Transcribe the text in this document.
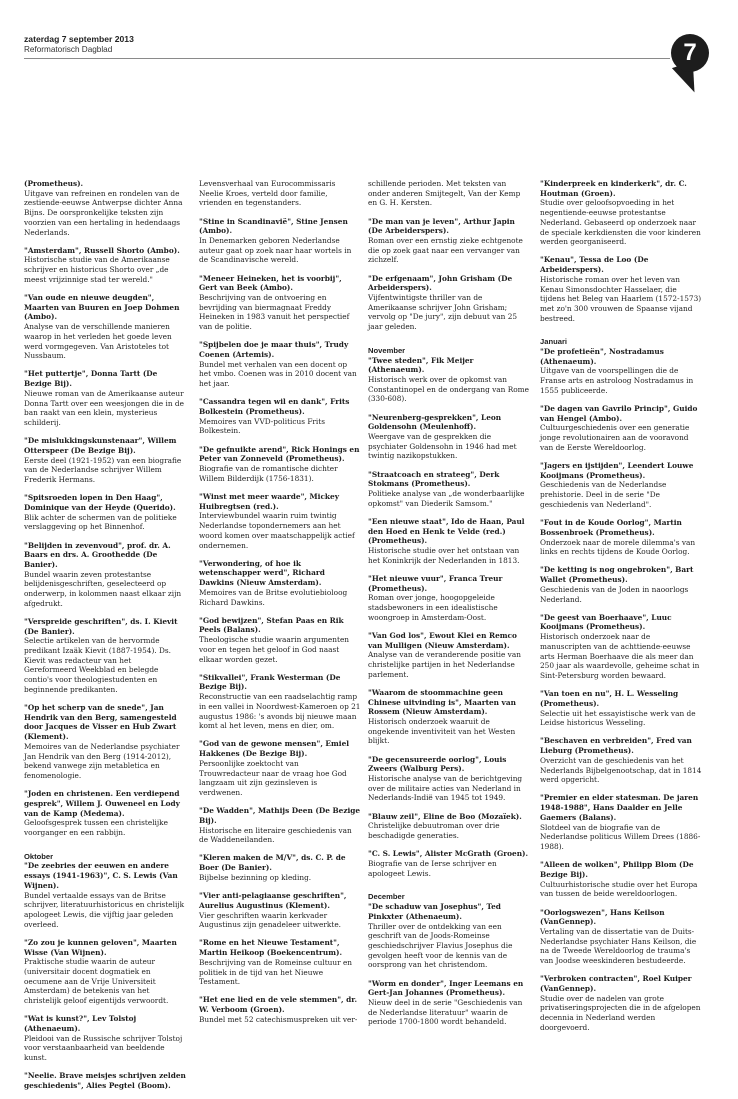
zaterdag 7 september 2013
Reformatorisch Dagblad	7
(Prometheus).
Uitgave van refreinen en rondelen van de zestiende-eeuwse Antwerpse dichter Anna Bijns. De oorspronkelijke teksten zijn voorzien van een hertaling in hedendaags Nederlands.
"Amsterdam", Russell Shorto (Ambo).
Historische studie van de Amerikaanse schrijver en historicus Shorto over „de meest vrijzinnige stad ter wereld."
"Van oude en nieuwe deugden", Maarten van Buuren en Joep Dohmen (Ambo).
Analyse van de verschillende manieren waarop in het verleden het goede leven werd vormgegeven. Van Aristoteles tot Nussbaum.
"Het puttertje", Donna Tartt (De Bezige Bij).
Nieuwe roman van de Amerikaanse auteur Donna Tartt over een weesjongen die in de ban raakt van een klein, mysterieus schilderij.
"De mislukkingskunstenaar", Willem Otterspeer (De Bezige Bij).
Eerste deel (1921-1952) van een biografie van de Nederlandse schrijver Willem Frederik Hermans.
"Spitsroeden lopen in Den Haag", Dominique van der Heyde (Querido).
Blik achter de schermen van de politieke verslaggeving op het Binnenhof.
"Belijden in zevenvoud", prof. dr. A. Baars en drs. A. Groothedde (De Banier).
Bundel waarin zeven protestantse belijdenisgeschriften, geselecteerd op onderwerp, in kolommen naast elkaar zijn afgedrukt.
"Verspreide geschriften", ds. I. Kievit (De Banier).
Selectie artikelen van de hervormde predikant Izaäk Kievit (1887-1954). Ds. Kievit was redacteur van het Gereformeerd Weekblad en belegde contio's voor theologiestudenten en beginnende predikanten.
"Op het scherp van de snede", Jan Hendrik van den Berg, samengesteld door Jacques de Visser en Hub Zwart (Klement).
Memoires van de Nederlandse psychiater Jan Hendrik van den Berg (1914-2012), bekend vanwege zijn metabletica en fenomenologie.
"Joden en christenen. Een verdiepend gesprek", Willem J. Ouweneel en Lody van de Kamp (Medema).
Geloofsgesprek tussen een christelijke voorganger en een rabbijn.
Oktober
"De zeebries der eeuwen en andere essays (1941-1963)", C. S. Lewis (Van Wijnen).
Bundel vertaalde essays van de Britse schrijver, literatuurhistoricus en christelijk apologeet Lewis, die vijftig jaar geleden overleed.
"Zo zou je kunnen geloven", Maarten Wisse (Van Wijnen).
Praktische studie waarin de auteur (universitair docent dogmatiek en oecumene aan de Vrije Universiteit Amsterdam) de betekenis van het christelijk geloof eigentijds verwoordt.
"Wat is kunst?", Lev Tolstoj (Athenaeum).
Pleidooi van de Russische schrijver Tolstoj voor verstaanbaarheid van beeldende kunst.
"Neelie. Brave meisjes schrijven zelden geschiedenis", Alies Pegtel (Boom).
Levensverhaal van Eurocommissaris Neelie Kroes, verteld door familie, vrienden en tegenstanders.
"Stine in Scandinavië", Stine Jensen (Ambo).
In Denemarken geboren Nederlandse auteur gaat op zoek naar haar wortels in de Scandinavische wereld.
"Meneer Heineken, het is voorbij", Gert van Beek (Ambo).
Beschrijving van de ontvoering en bevrijding van biermagnaat Freddy Heineken in 1983 vanuit het perspectief van de politie.
"Spijbelen doe je maar thuis", Trudy Coenen (Artemis).
Bundel met verhalen van een docent op het vmbo. Coenen was in 2010 docent van het jaar.
"Cassandra tegen wil en dank", Frits Bolkestein (Prometheus).
Memoires van VVD-politicus Frits Bolkestein.
"De gefnuikte arend", Rick Honings en Peter van Zonneveld (Prometheus).
Biografie van de romantische dichter Willem Bilderdijk (1756-1831).
"Winst met meer waarde", Mickey Huibregtsen (red.).
Interviewbundel waarin ruim twintig Nederlandse topondernemers aan het woord komen over maatschappelijk actief ondernemen.
"Verwondering, of hoe ik wetenschapper werd", Richard Dawkins (Nieuw Amsterdam).
Memoires van de Britse evolutiebioloog Richard Dawkins.
"God bewijzen", Stefan Paas en Rik Peels (Balans).
Theologische studie waarin argumenten voor en tegen het geloof in God naast elkaar worden gezet.
"Stikvallei", Frank Westerman (De Bezige Bij).
Reconstructie van een raadselachtig ramp in een vallei in Noordwest-Kameroen op 21 augustus 1986: 's avonds bij nieuwe maan komt al het leven, mens en dier, om.
"God van de gewone mensen", Emiel Hakkenes (De Bezige Bij).
Persoonlijke zoektocht van Trouwredacteur naar de vraag hoe God langzaam uit zijn gezinsleven is verdwenen.
"De Wadden", Mathijs Deen (De Bezige Bij).
Historische en literaire geschiedenis van de Waddeneilanden.
"Kleren maken de M/V", ds. C. P. de Boer (De Banier).
Bijbelse bezinning op kleding.
"Vier anti-pelagiaanse geschriften", Aurelius Augustinus (Klement).
Vier geschriften waarin kerkvader Augustinus zijn genadeleer uitwerkte.
"Rome en het Nieuwe Testament", Martin Heikoop (Boekencentrum).
Beschrijving van de Romeinse cultuur en politiek in de tijd van het Nieuwe Testament.
"Het ene lied en de vele stemmen", dr. W. Verboom (Groen).
Bundel met 52 catechismuspreken uit ver-
schillende perioden. Met teksten van onder anderen Smijtegelt, Van der Kemp en G. H. Kersten.
"De man van je leven", Arthur Japin (De Arbeiderspers).
Roman over een ernstig zieke echtgenote die op zoek gaat naar een vervanger van zichzelf.
"De erfgenaam", John Grisham (De Arbeiderspers).
Vijfentwintigste thriller van de Amerikaanse schrijver John Grisham; vervolg op "De jury", zijn debuut van 25 jaar geleden.
November
"Twee steden", Fik Meijer (Athenaeum).
Historisch werk over de opkomst van Constantinopel en de ondergang van Rome (330-608).
"Neurenberg-gesprekken", Leon Goldensohn (Meulenhoff).
Weergave van de gesprekken die psychiater Goldensohn in 1946 had met twintig nazikopstukken.
"Straatcoach en strateeg", Derk Stokmans (Prometheus).
Politieke analyse van „de wonderbaarlijke opkomst" van Diederik Samsom."
"Een nieuwe staat", Ido de Haan, Paul den Hoed en Henk te Velde (red.) (Prometheus).
Historische studie over het ontstaan van het Koninkrijk der Nederlanden in 1813.
"Het nieuwe vuur", Franca Treur (Prometheus).
Roman over jonge, hoogopgeleide stadsbewoners in een idealistische woongroep in Amsterdam-Oost.
"Van God los", Ewout Klei en Remco van Mulligen (Nieuw Amsterdam).
Analyse van de veranderende positie van christelijke partijen in het Nederlandse parlement.
"Waarom de stoommachine geen Chinese uitvinding is", Maarten van Rossem (Nieuw Amsterdam).
Historisch onderzoek waaruit de ongekende inventiviteit van het Westen blijkt.
"De gecensureerde oorlog", Louis Zweers (Walburg Pers).
Historische analyse van de berichtgeving over de militaire acties van Nederland in Nederlands-Indië van 1945 tot 1949.
"Blauw zeil", Eline de Boo (Mozaïek).
Christelijke debuutroman over drie beschadigde generaties.
"C. S. Lewis", Alister McGrath (Groen).
Biografie van de Ierse schrijver en apologeet Lewis.
December
"De schaduw van Josephus", Ted Pinkxter (Athenaeum).
Thriller over de ontdekking van een geschrift van de Joods-Romeinse geschiedschrijver Flavius Josephus die gevolgen heeft voor de kennis van de oorsprong van het christendom.
"Worm en donder", Inger Leemans en Gert-Jan Johannes (Prometheus).
Nieuw deel in de serie "Geschiedenis van de Nederlandse literatuur" waarin de periode 1700-1800 wordt behandeld.
"Kinderpreek en kinderkerk", dr. C. Houtman (Groen).
Studie over geloofsopvoeding in het negentiende-eeuwse protestantse Nederland. Gebaseerd op onderzoek naar de speciale kerkdiensten die voor kinderen werden georganiseerd.
"Kenau", Tessa de Loo (De Arbeiderspers).
Historische roman over het leven van Kenau Simonsdochter Hasselaer, die tijdens het Beleg van Haarlem (1572-1573) met zo'n 300 vrouwen de Spaanse vijand bestreed.
Januari
"De profetieën", Nostradamus (Athenaeum).
Uitgave van de voorspellingen die de Franse arts en astroloog Nostradamus in 1555 publiceerde.
"De dagen van Gavrilo Princip", Guido van Hengel (Ambo).
Cultuurgeschiedenis over een generatie jonge revolutionairen aan de vooravond van de Eerste Wereldoorlog.
"Jagers en ijstijden", Leendert Louwe Kooijmans (Prometheus).
Geschiedenis van de Nederlandse prehistorie. Deel in de serie "De geschiedenis van Nederland".
"Fout in de Koude Oorlog", Martin Bossenbroek (Prometheus).
Onderzoek naar de morele dilemma's van links en rechts tijdens de Koude Oorlog.
"De ketting is nog ongebroken", Bart Wallet (Prometheus).
Geschiedenis van de Joden in naoorlogs Nederland.
"De geest van Boerhaave", Luuc Kooijmans (Prometheus).
Historisch onderzoek naar de manuscripten van de achttiende-eeuwse arts Herman Boerhaave die als meer dan 250 jaar als waardevolle, geheime schat in Sint-Petersburg worden bewaard.
"Van toen en nu", H. L. Wesseling (Prometheus).
Selectie uit het essayistische werk van de Leidse historicus Wesseling.
"Beschaven en verbreiden", Fred van Lieburg (Prometheus).
Overzicht van de geschiedenis van het Nederlands Bijbelgenootschap, dat in 1814 werd opgericht.
"Premier en elder statesman. De jaren 1948-1988", Hans Daalder en Jelle Gaemers (Balans).
Slotdeel van de biografie van de Nederlandse politicus Willem Drees (1886-1988).
"Alleen de wolken", Philipp Blom (De Bezige Bij).
Cultuurhistorische studie over het Europa van tussen de beide wereldoorlogen.
"Oorlogswezen", Hans Keilson (VanGennep).
Vertaling van de dissertatie van de Duits-Nederlandse psychiater Hans Keilson, die na de Tweede Wereldoorlog de trauma's van Joodse weeskinderen bestudeerde.
"Verbroken contracten", Roel Kuiper (VanGennep).
Studie over de nadelen van grote privatiseringsprojecten die in de afgelopen decennia in Nederland werden doorgevoerd.
